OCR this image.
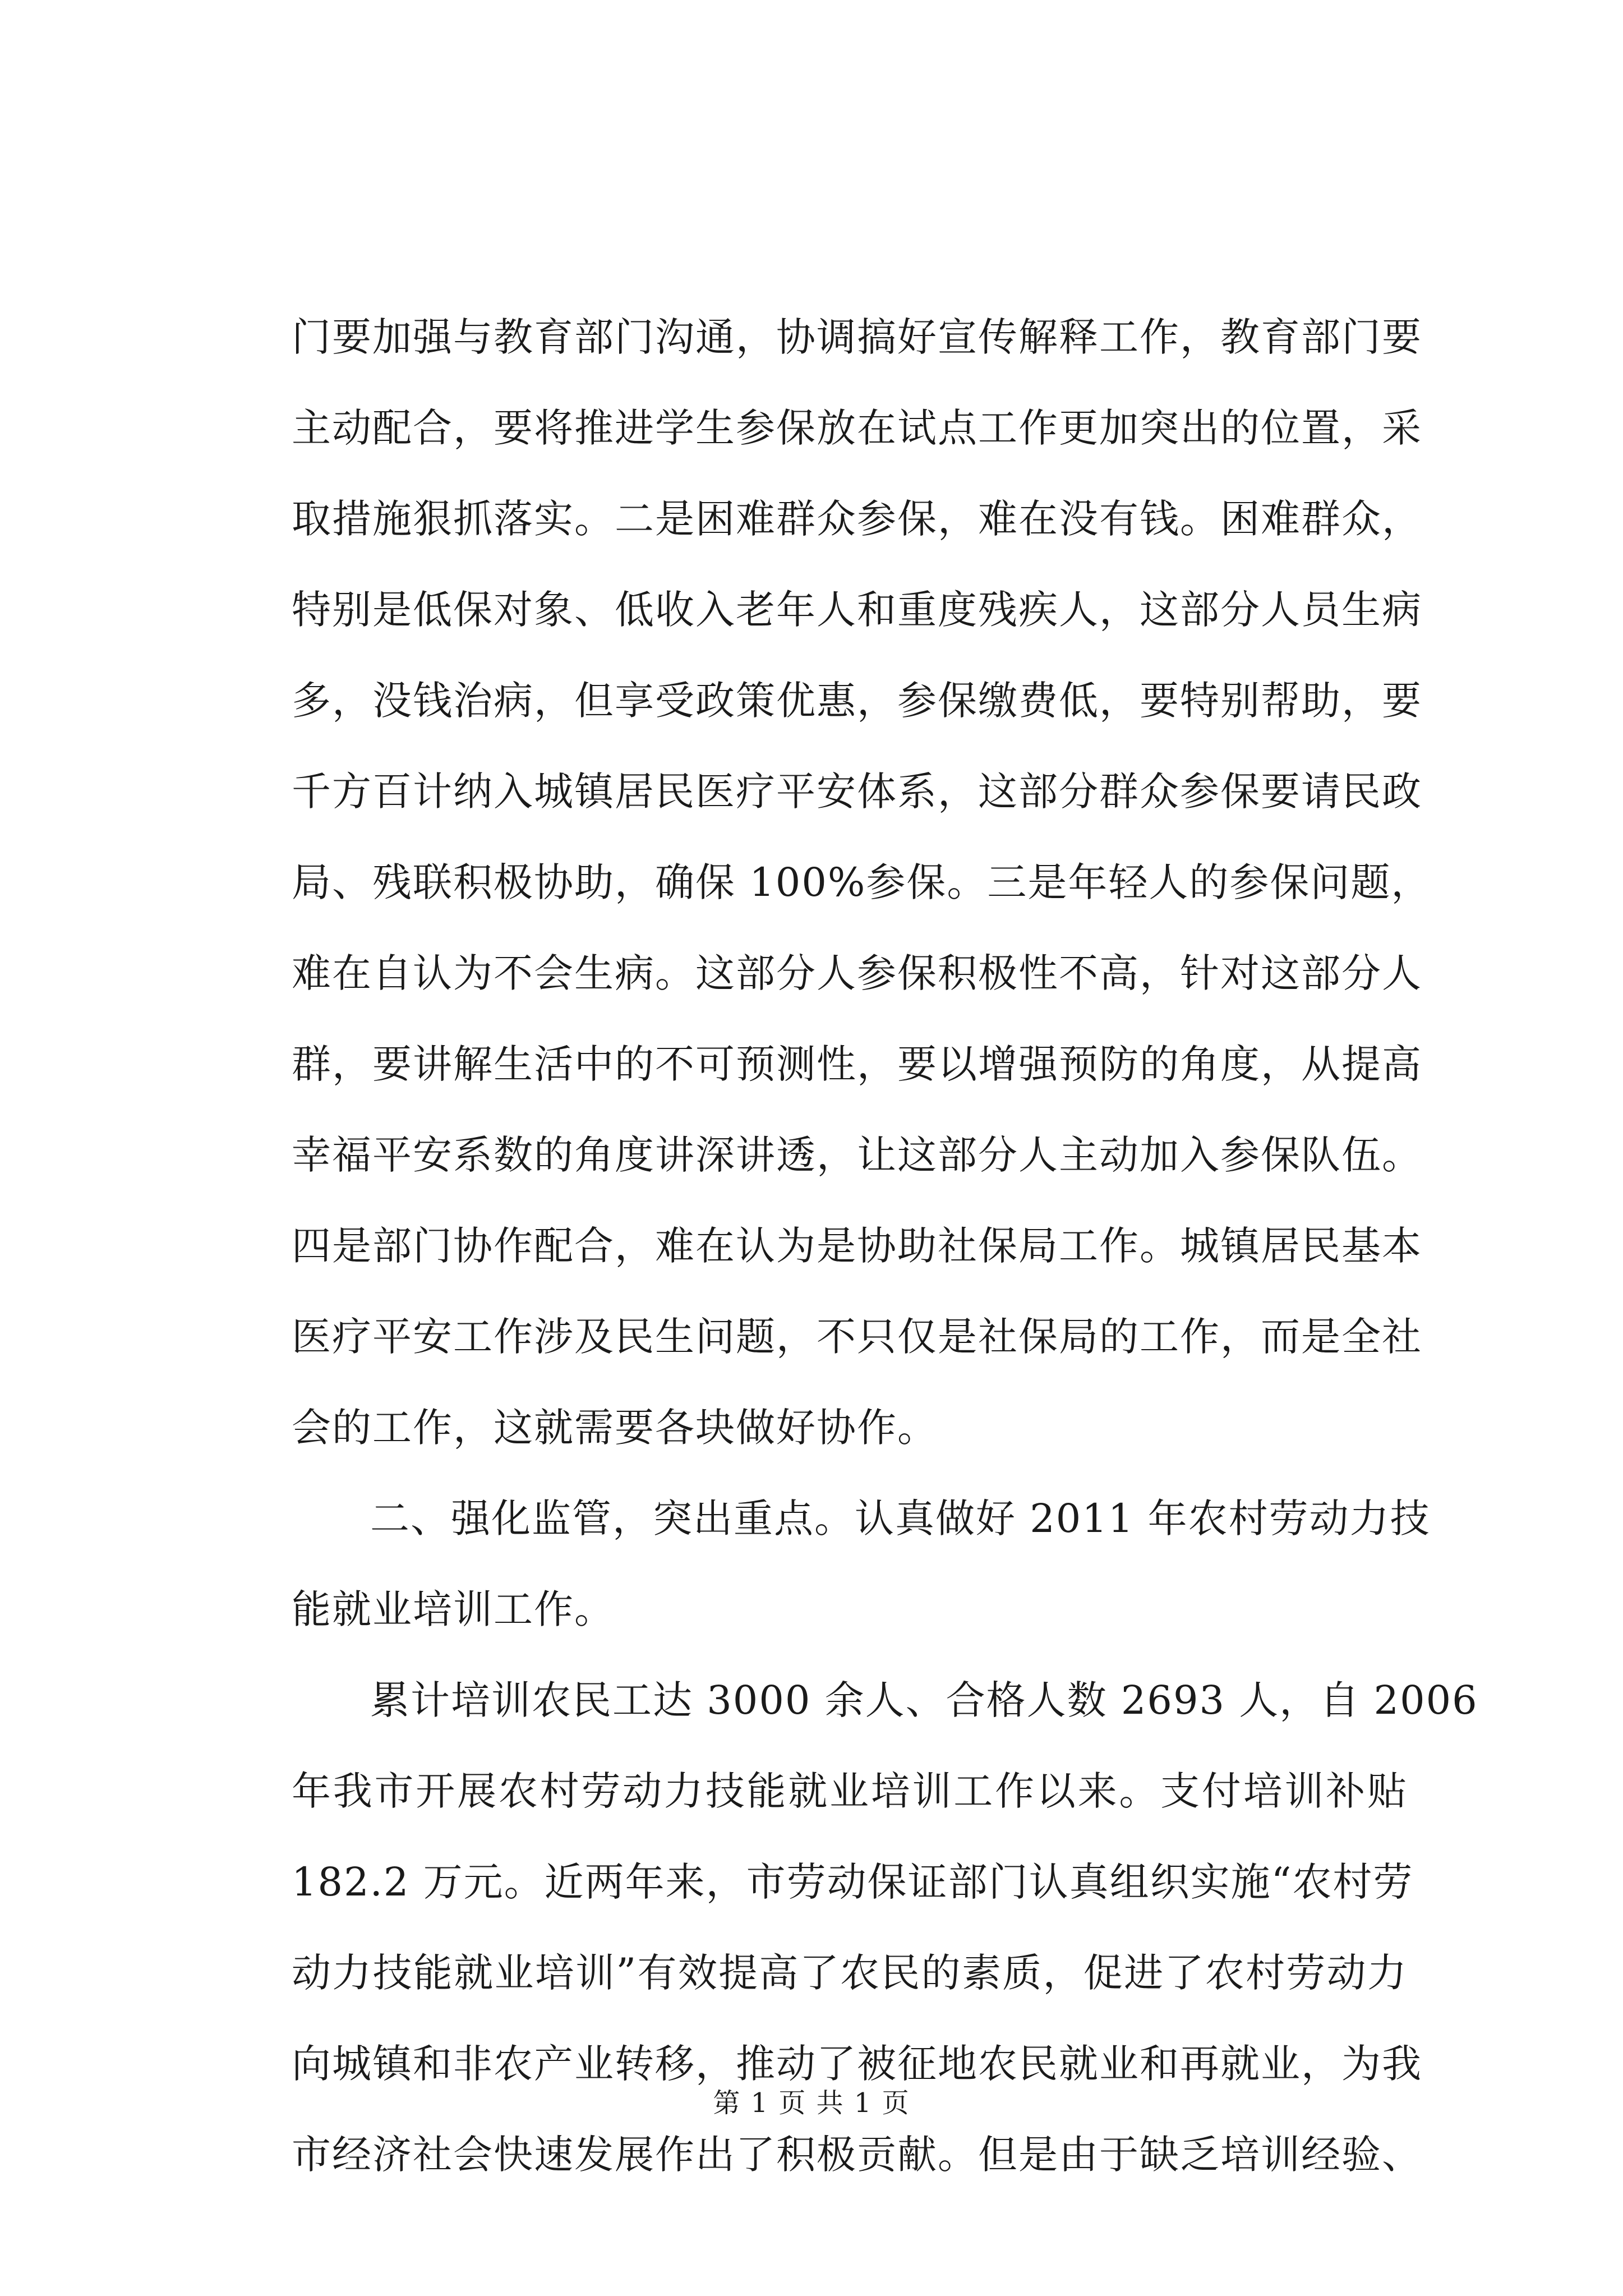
门要加强与教育部门沟通，协调搞好宣传解释工作，教育部门要
主动配合，要将推进学生参保放在试点工作更加突出的位置，采
取措施狠抓落实。二是困难群众参保，难在没有钱。困难群众，
特别是低保对象、低收入老年人和重度残疾人，这部分人员生病
多，没钱治病，但享受政策优惠，参保缴费低，要特别帮助，要
千方百计纳入城镇居民医疗平安体系，这部分群众参保要请民政
局、残联积极协助，确保 100%参保。三是年轻人的参保问题，
难在自认为不会生病。这部分人参保积极性不高，针对这部分人
群，要讲解生活中的不可预测性，要以增强预防的角度，从提高
幸福平安系数的角度讲深讲透，让这部分人主动加入参保队伍。
四是部门协作配合，难在认为是协助社保局工作。城镇居民基本
医疗平安工作涉及民生问题，不只仅是社保局的工作，而是全社
会的工作，这就需要各块做好协作。
二、强化监管，突出重点。认真做好 2011 年农村劳动力技
能就业培训工作。
累计培训农民工达 3000 余人、合格人数 2693 人，自 2006
年我市开展农村劳动力技能就业培训工作以来。支付培训补贴
182.2 万元。近两年来，市劳动保证部门认真组织实施“农村劳
动力技能就业培训”有效提高了农民的素质，促进了农村劳动力
向城镇和非农产业转移，推动了被征地农民就业和再就业，为我
市经济社会快速发展作出了积极贡献。但是由于缺乏培训经验、
第 1 页 共 1 页
